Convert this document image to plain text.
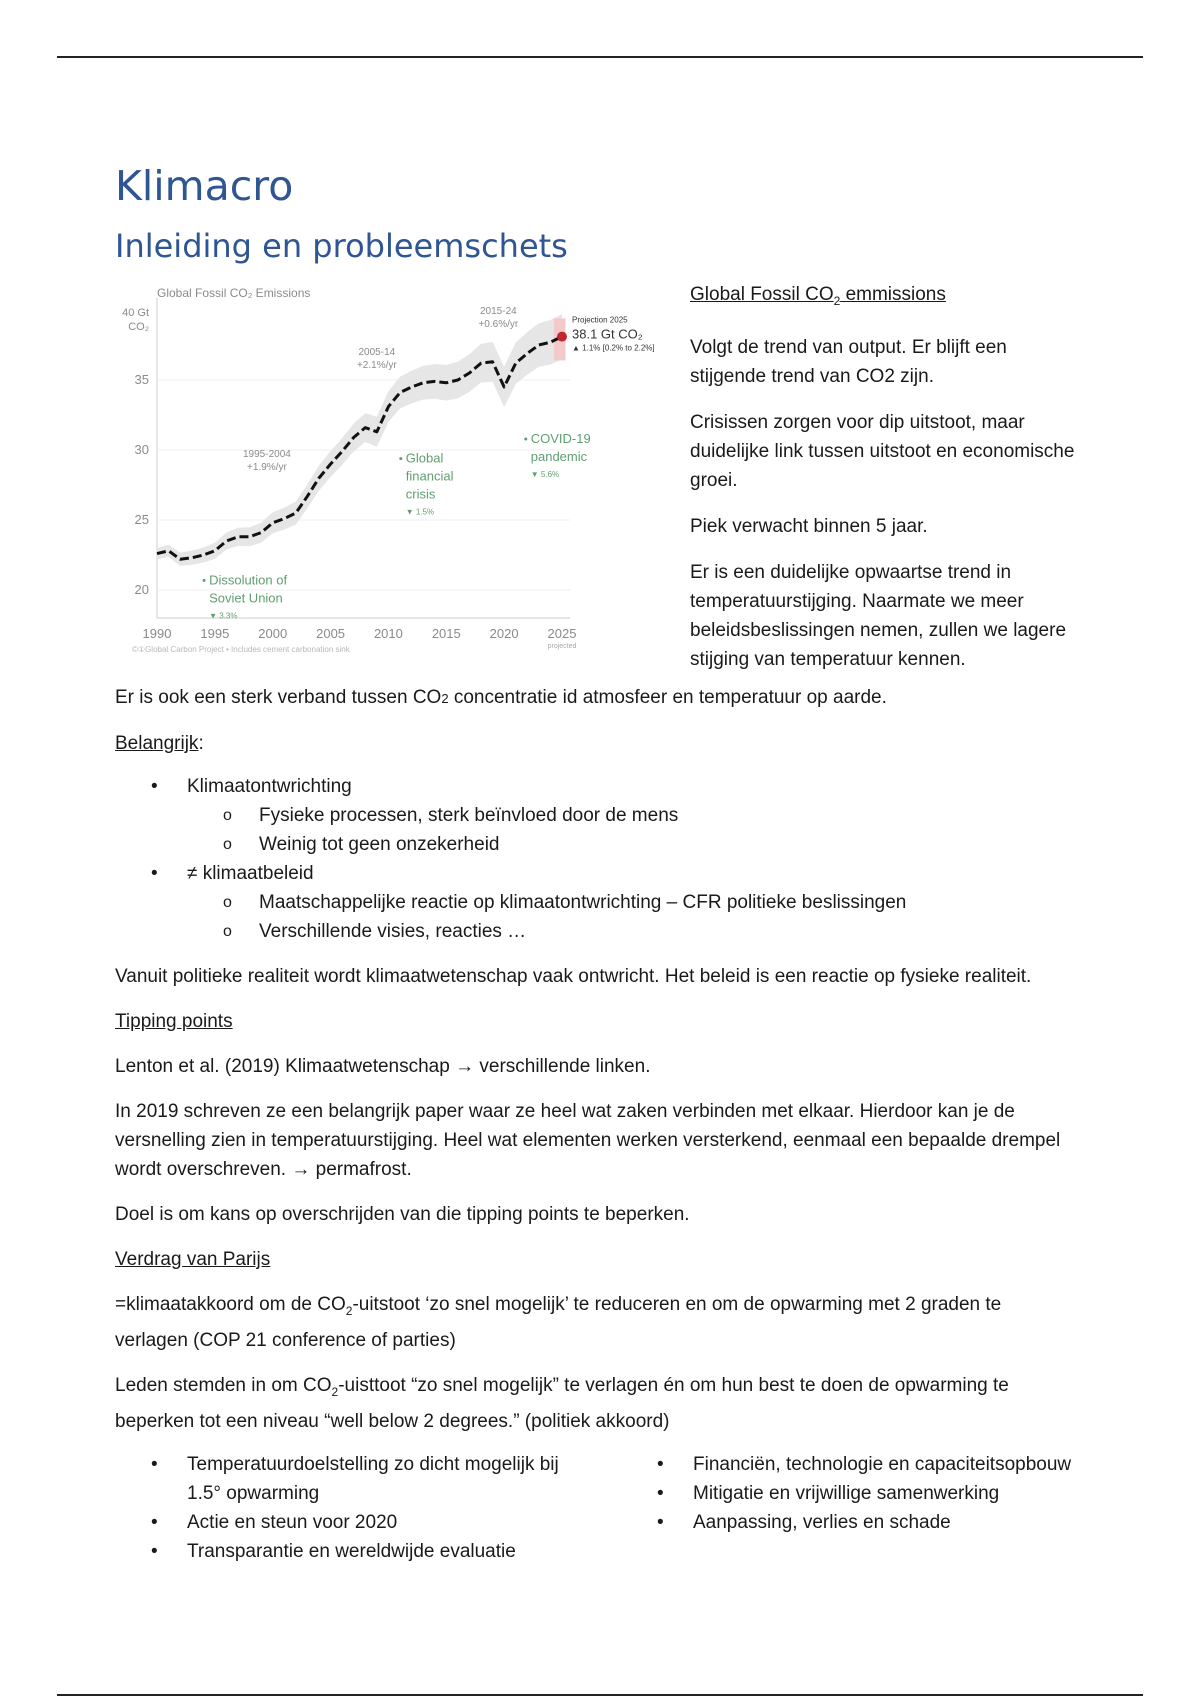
Klimacro
Inleiding en probleemschets
20
25
30
35
1990 1995 2000 2005 2010 2015 2020 2025
projected
Global Fossil CO₂ Emissions
40 Gt
CO₂
Projection 2025
38.1 Gt CO₂
▲ 1.1% [0.2% to 2.2%]
1995-2004
+1.9%/yr
2005-14
+2.1%/yr
2015-24
+0.6%/yr
Dissolution of
Soviet Union
▼ 3.3%
Global
financial
crisis
▼ 1.5%
COVID-19
pandemic
▼ 5.6%
©①Global Carbon Project • Includes cement carbonation sink

Global Fossil $CO_2$ emmissions

Volgt de trend van output. Er blijft een stijgende trend van CO2 zijn.

Crisissen zorgen voor dip uitstoot, maar duidelijke link tussen uitstoot en economische groei.

Piek verwacht binnen 5 jaar.

Er is een duidelijke opwaartse trend in temperatuurstijging. Naarmate we meer beleidsbeslissingen nemen, zullen we lagere stijging van temperatuur kennen.

Er is ook een sterk verband tussen CO2 concentratie id atmosfeer en temperatuur op aarde.

Belangrijk:

• Klimaatontwrichting
o Fysieke processen, sterk beïnvloed door de mens
o Weinig tot geen onzekerheid
• ≠ klimaatbeleid
o Maatschappelijke reactie op klimaatontwrichting – CFR politieke beslissingen
o Verschillende visies, reacties …

Vanuit politieke realiteit wordt klimaatwetenschap vaak ontwricht. Het beleid is een reactie op fysieke realiteit.

Tipping points

Lenton et al. (2019) Klimaatwetenschap → verschillende linken.

In 2019 schreven ze een belangrijk paper waar ze heel wat zaken verbinden met elkaar. Hierdoor kan je de versnelling zien in temperatuurstijging. Heel wat elementen werken versterkend, eenmaal een bepaalde drempel wordt overschreven. → permafrost.

Doel is om kans op overschrijden van die tipping points te beperken.

Verdrag van Parijs

=klimaatakkoord om de $CO_2$-uitstoot ‘zo snel mogelijk’ te reduceren en om de opwarming met 2 graden te verlagen (COP 21 conference of parties)

Leden stemden in om $CO_2$-uisttoot “zo snel mogelijk” te verlagen én om hun best te doen de opwarming te beperken tot een niveau “well below 2 degrees.” (politiek akkoord)

• Temperatuurdoelstelling zo dicht mogelijk bij 1.5° opwarming
• Actie en steun voor 2020
• Transparantie en wereldwijde evaluatie
• Financiën, technologie en capaciteitsopbouw
• Mitigatie en vrijwillige samenwerking
• Aanpassing, verlies en schade
